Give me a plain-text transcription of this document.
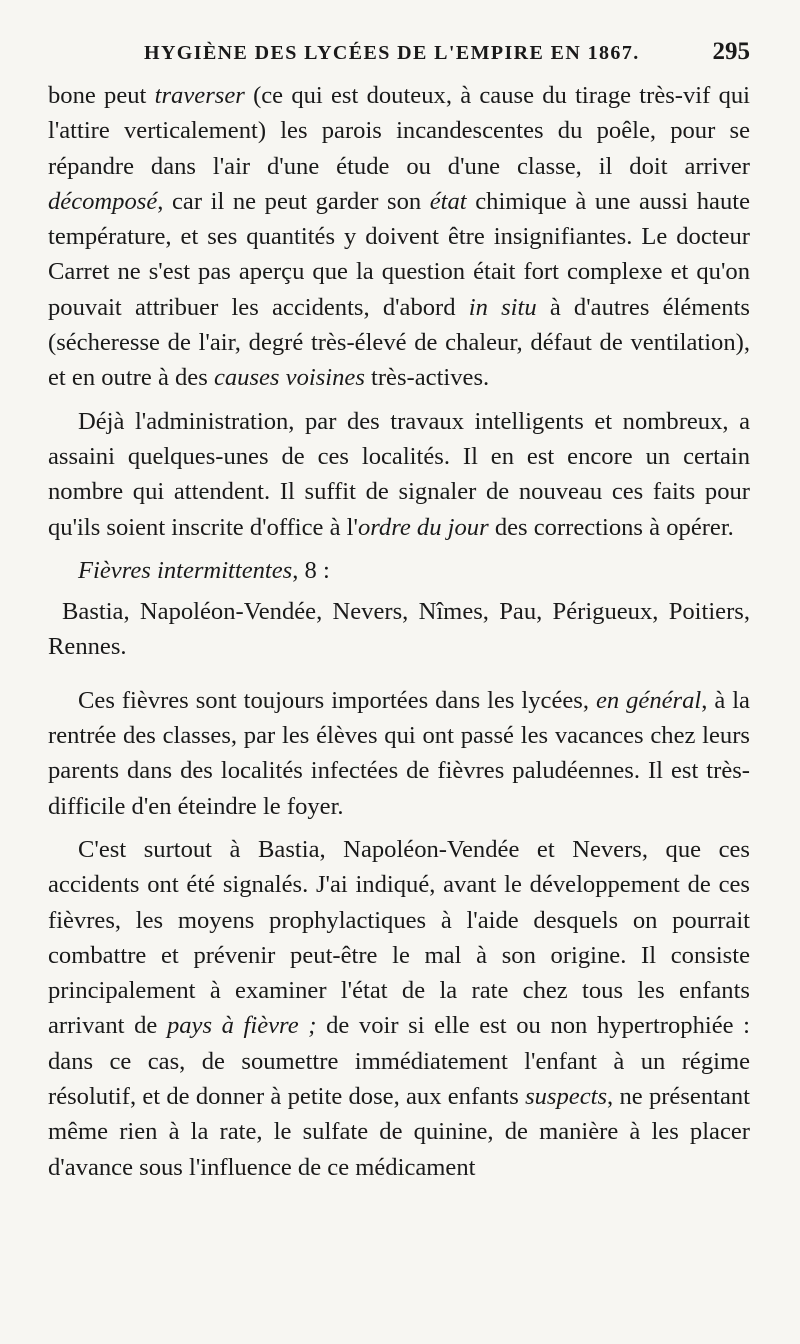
HYGIÈNE DES LYCÉES DE L'EMPIRE EN 1867.	295

bone peut traverser (ce qui est douteux, à cause du tirage très-vif qui l'attire verticalement) les parois incandescentes du poêle, pour se répandre dans l'air d'une étude ou d'une classe, il doit arriver décomposé, car il ne peut garder son état chimique à une aussi haute température, et ses quantités y doivent être insignifiantes. Le docteur Carret ne s'est pas aperçu que la question était fort complexe et qu'on pouvait attribuer les accidents, d'abord in situ à d'autres éléments (sécheresse de l'air, degré très-élevé de chaleur, défaut de ventilation), et en outre à des causes voisines très-actives.

Déjà l'administration, par des travaux intelligents et nombreux, a assaini quelques-unes de ces localités. Il en est encore un certain nombre qui attendent. Il suffit de signaler de nouveau ces faits pour qu'ils soient inscrite d'office à l'ordre du jour des corrections à opérer.

Fièvres intermittentes, 8 :

Bastia, Napoléon-Vendée, Nevers, Nîmes, Pau, Périgueux, Poitiers, Rennes.

Ces fièvres sont toujours importées dans les lycées, en général, à la rentrée des classes, par les élèves qui ont passé les vacances chez leurs parents dans des localités infectées de fièvres paludéennes. Il est très-difficile d'en éteindre le foyer.

C'est surtout à Bastia, Napoléon-Vendée et Nevers, que ces accidents ont été signalés. J'ai indiqué, avant le développement de ces fièvres, les moyens prophylactiques à l'aide desquels on pourrait combattre et prévenir peut-être le mal à son origine. Il consiste principalement à examiner l'état de la rate chez tous les enfants arrivant de pays à fièvre ; de voir si elle est ou non hypertrophiée : dans ce cas, de soumettre immédiatement l'enfant à un régime résolutif, et de donner à petite dose, aux enfants suspects, ne présentant même rien à la rate, le sulfate de quinine, de manière à les placer d'avance sous l'influence de ce médicament
